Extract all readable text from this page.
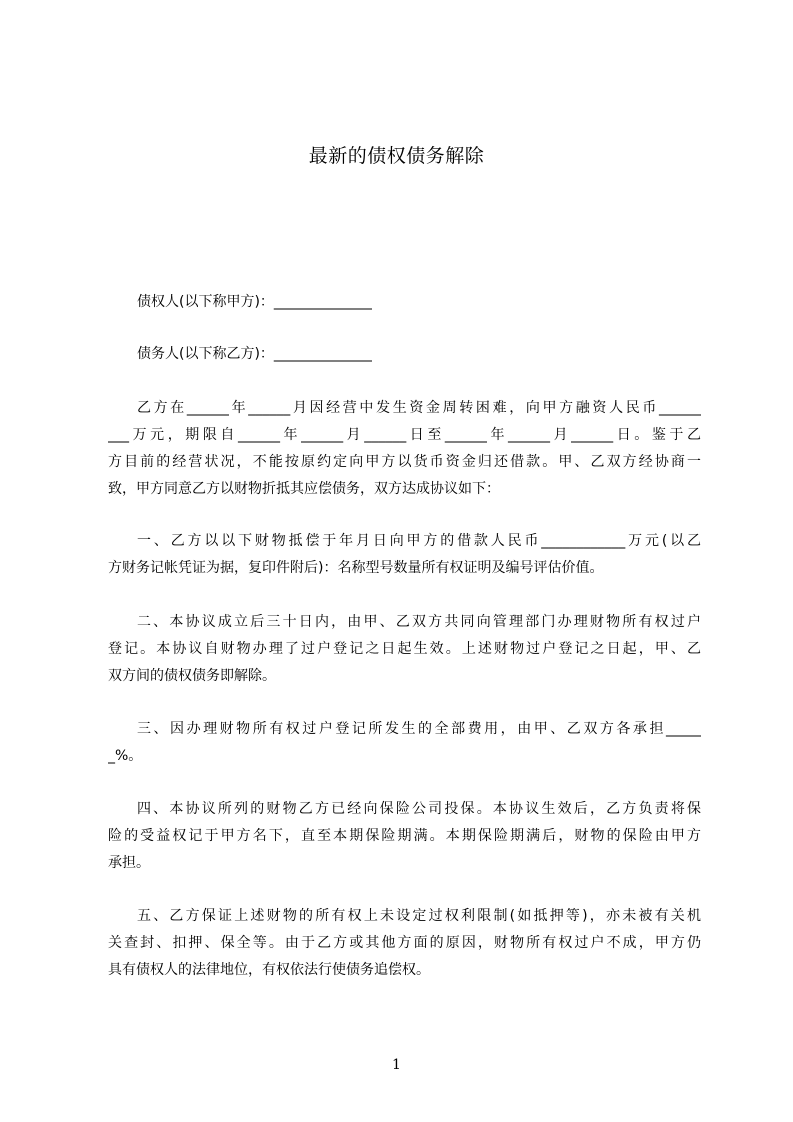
最新的债权债务解除
债权人(以下称甲方)：______________
债务人(以下称乙方)：______________
乙方在______年______月因经营中发生资金周转困难，向甲方融资人民币______
___万元，期限自______年______月______日至______年______月______日。鉴于乙
方目前的经营状况，不能按原约定向甲方以货币资金归还借款。甲、乙双方经协商一
致，甲方同意乙方以财物折抵其应偿债务，双方达成协议如下：
一、乙方以以下财物抵偿于年月日向甲方的借款人民币____________万元(以乙
方财务记帐凭证为据，复印件附后)：名称型号数量所有权证明及编号评估价值。
二、本协议成立后三十日内，由甲、乙双方共同向管理部门办理财物所有权过户
登记。本协议自财物办理了过户登记之日起生效。上述财物过户登记之日起，甲、乙
双方间的债权债务即解除。
三、因办理财物所有权过户登记所发生的全部费用，由甲、乙双方各承担_____
_%。
四、本协议所列的财物乙方已经向保险公司投保。本协议生效后，乙方负责将保
险的受益权记于甲方名下，直至本期保险期满。本期保险期满后，财物的保险由甲方
承担。
五、乙方保证上述财物的所有权上未设定过权利限制(如抵押等)，亦未被有关机
关查封、扣押、保全等。由于乙方或其他方面的原因，财物所有权过户不成，甲方仍
具有债权人的法律地位，有权依法行使债务追偿权。
1
